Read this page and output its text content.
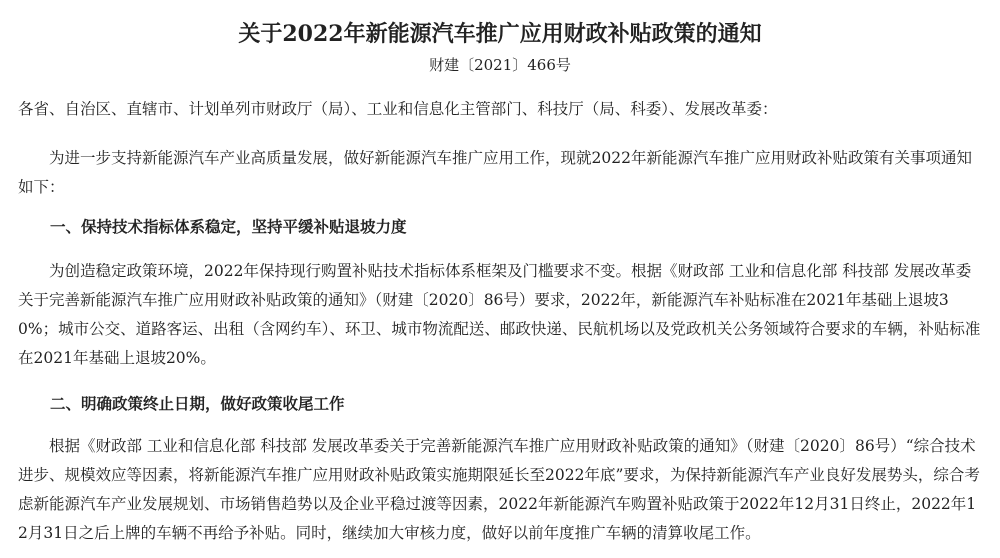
关于2022年新能源汽车推广应用财政补贴政策的通知
财建〔2021〕466号
各省、自治区、直辖市、计划单列市财政厅（局）、工业和信息化主管部门、科技厅（局、科委）、发展改革委：
为进一步支持新能源汽车产业高质量发展，做好新能源汽车推广应用工作，现就2022年新能源汽车推广应用财政补贴政策有关事项通知如下：
一、保持技术指标体系稳定，坚持平缓补贴退坡力度
为创造稳定政策环境，2022年保持现行购置补贴技术指标体系框架及门槛要求不变。根据《财政部 工业和信息化部 科技部 发展改革委关于完善新能源汽车推广应用财政补贴政策的通知》（财建〔2020〕86号）要求，2022年，新能源汽车补贴标准在2021年基础上退坡30%；城市公交、道路客运、出租（含网约车）、环卫、城市物流配送、邮政快递、民航机场以及党政机关公务领域符合要求的车辆，补贴标准在2021年基础上退坡20%。
二、明确政策终止日期，做好政策收尾工作
根据《财政部 工业和信息化部 科技部 发展改革委关于完善新能源汽车推广应用财政补贴政策的通知》（财建〔2020〕86号）“综合技术进步、规模效应等因素，将新能源汽车推广应用财政补贴政策实施期限延长至2022年底”要求，为保持新能源汽车产业良好发展势头，综合考虑新能源汽车产业发展规划、市场销售趋势以及企业平稳过渡等因素，2022年新能源汽车购置补贴政策于2022年12月31日终止，2022年12月31日之后上牌的车辆不再给予补贴。同时，继续加大审核力度，做好以前年度推广车辆的清算收尾工作。
